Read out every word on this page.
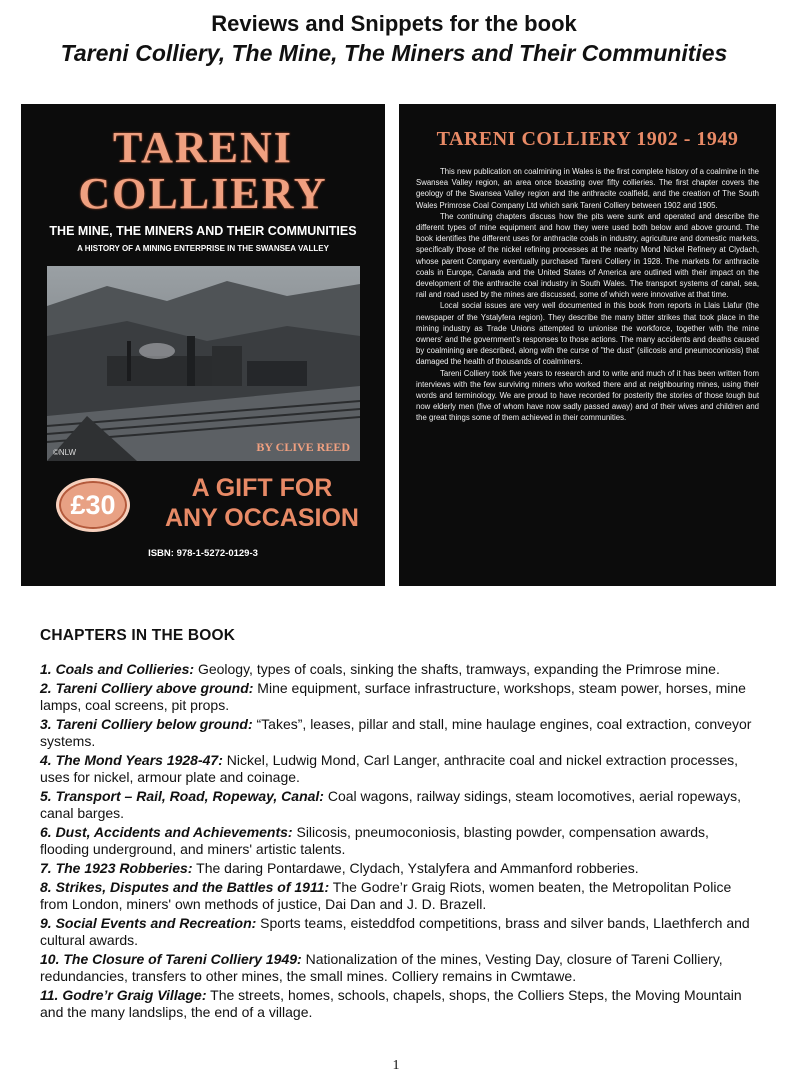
Reviews and Snippets for the book
Tareni Colliery, The Mine, The Miners and Their Communities
TARENI
COLLIERY
THE MINE, THE MINERS AND THEIR COMMUNITIES
A HISTORY OF A MINING ENTERPRISE IN THE SWANSEA VALLEY
©NLW	BY CLIVE REED
£30
A GIFT FOR
ANY OCCASION
ISBN: 978-1-5272-0129-3
TARENI COLLIERY 1902 - 1949

This new publication on coalmining in Wales is the first complete history of a coalmine in the Swansea Valley region, an area once boasting over fifty collieries. The first chapter covers the geology of the Swansea Valley region and the anthracite coalfield, and the creation of The South Wales Primrose Coal Company Ltd which sank Tareni Colliery between 1902 and 1905.

The continuing chapters discuss how the pits were sunk and operated and describe the different types of mine equipment and how they were used both below and above ground. The book identifies the different uses for anthracite coals in industry, agriculture and domestic markets, specifically those of the nickel refining processes at the nearby Mond Nickel Refinery at Clydach, whose parent Company eventually purchased Tareni Colliery in 1928. The markets for anthracite coals in Europe, Canada and the United States of America are outlined with their impact on the development of the anthracite coal industry in South Wales. The transport systems of canal, sea, rail and road used by the mines are discussed, some of which were innovative at that time.

Local social issues are very well documented in this book from reports in Llais Llafur (the newspaper of the Ystalyfera region). They describe the many bitter strikes that took place in the mining industry as Trade Unions attempted to unionise the workforce, together with the mine owners' and the government's responses to those actions. The many accidents and deaths caused by coalmining are described, along with the curse of "the dust" (silicosis and pneumoconiosis) that damaged the health of thousands of coalminers.

Tareni Colliery took five years to research and to write and much of it has been written from interviews with the few surviving miners who worked there and at neighbouring mines, using their words and terminology. We are proud to have recorded for posterity the stories of those tough but now elderly men (five of whom have now sadly passed away) and of their wives and children and the great things some of them achieved in their communities.

CHAPTERS IN THE BOOK
1. Coals and Collieries: Geology, types of coals, sinking the shafts, tramways, expanding the Primrose mine.
2. Tareni Colliery above ground: Mine equipment, surface infrastructure, workshops, steam power, horses, mine lamps, coal screens, pit props.
3. Tareni Colliery below ground: “Takes”, leases, pillar and stall, mine haulage engines, coal extraction, conveyor systems.
4. The Mond Years 1928-47: Nickel, Ludwig Mond, Carl Langer, anthracite coal and nickel extraction processes, uses for nickel, armour plate and coinage.
5. Transport – Rail, Road, Ropeway, Canal: Coal wagons, railway sidings, steam locomotives, aerial ropeways, canal barges.
6. Dust, Accidents and Achievements: Silicosis, pneumoconiosis, blasting powder, compensation awards, flooding underground, and miners' artistic talents.
7. The 1923 Robberies: The daring Pontardawe, Clydach, Ystalyfera and Ammanford robberies.
8. Strikes, Disputes and the Battles of 1911: The Godre’r Graig Riots, women beaten, the Metropolitan Police from London, miners' own methods of justice, Dai Dan and J. D. Brazell.
9. Social Events and Recreation: Sports teams, eisteddfod competitions, brass and silver bands, Llaethferch and cultural awards.
10. The Closure of Tareni Colliery 1949: Nationalization of the mines, Vesting Day, closure of Tareni Colliery, redundancies, transfers to other mines, the small mines. Colliery remains in Cwmtawe.
11. Godre’r Graig Village: The streets, homes, schools, chapels, shops, the Colliers Steps, the Moving Mountain and the many landslips, the end of a village.
1
